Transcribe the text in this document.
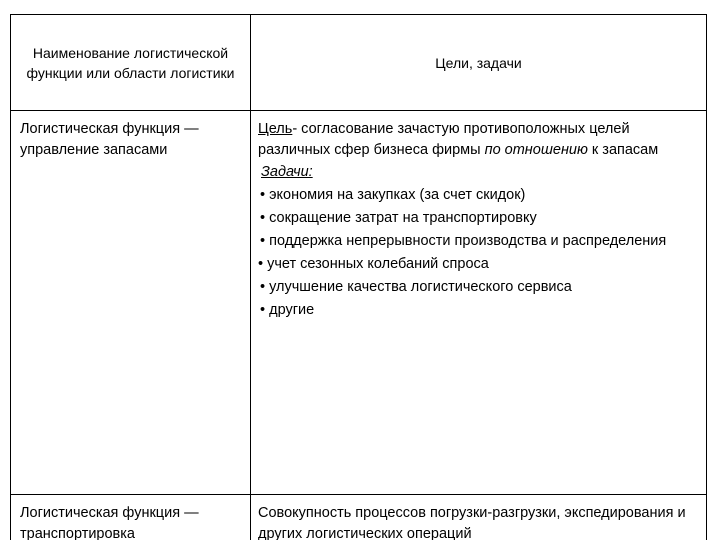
Наименование логистической функции или области логистики
Цели, задачи
Логистическая функция — управление запасами
Цель- согласование зачастую противоположных целей различных сфер бизнеса фирмы по отношению к запасам
Задачи:
• экономия на закупках (за счет скидок)
• сокращение затрат на транспортировку
• поддержка непрерывности производства и распределения
• учет сезонных колебаний спроса
• улучшение качества логистического сервиса
• другие
Логистическая функция — транспортировка
Совокупность процессов погрузки-разгрузки, экспедирования и других логистических операций
